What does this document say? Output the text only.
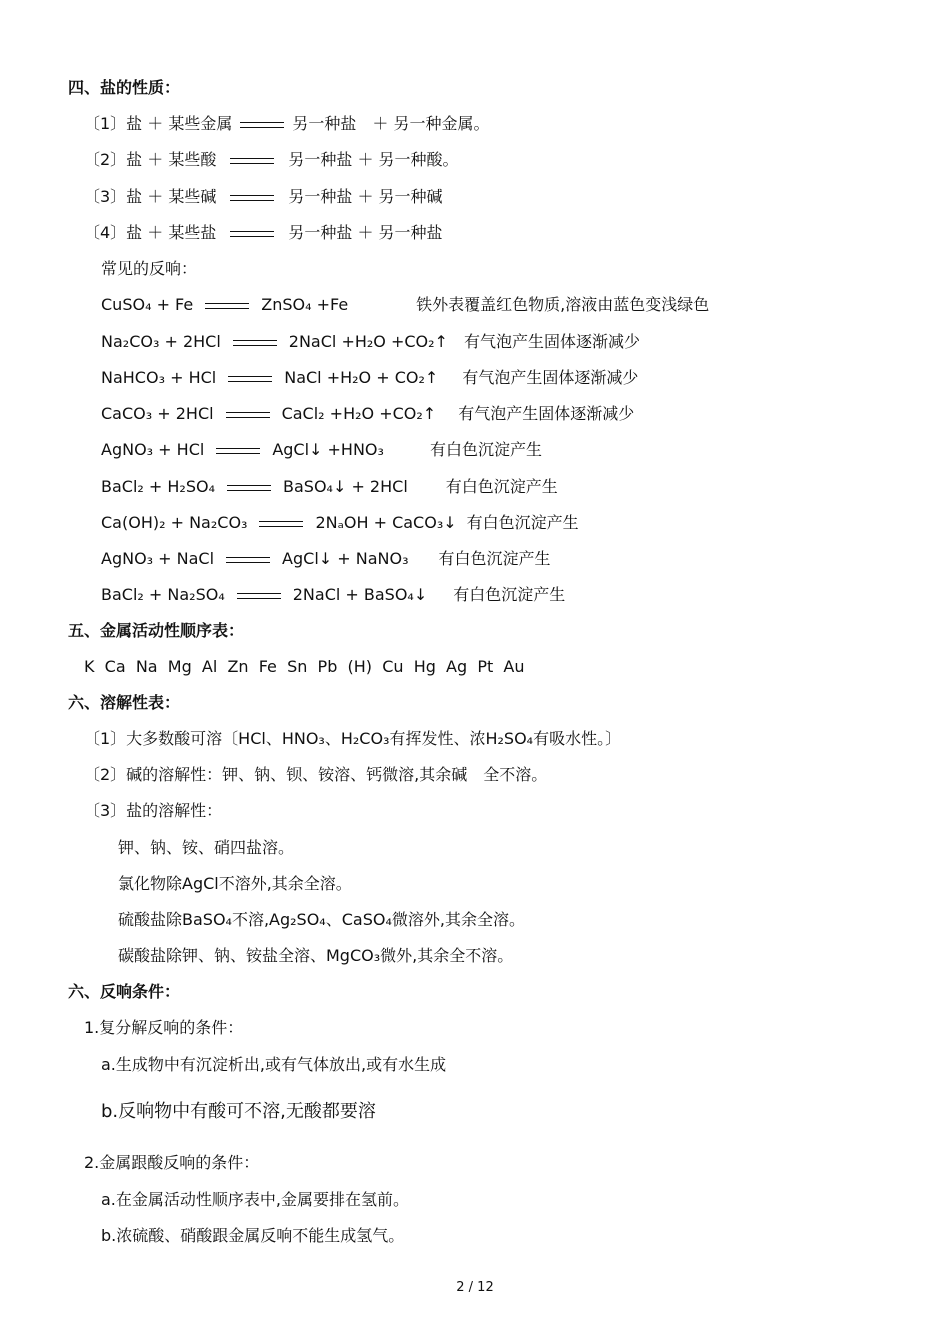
四、盐的性质：
〔1〕盐 ＋ 某些金属	另一种盐　＋ 另一种金属。
〔2〕盐 ＋ 某些酸	另一种盐 ＋ 另一种酸。
〔3〕盐 ＋ 某些碱	另一种盐 ＋ 另一种碱
〔4〕盐 ＋ 某些盐	另一种盐 ＋ 另一种盐
常见的反响：
CuSO₄ + Fe	ZnSO₄ +Fe	铁外表覆盖红色物质,溶液由蓝色变浅绿色
Na₂CO₃ + 2HCl	2NaCl +H₂O +CO₂↑ 有气泡产生固体逐渐减少
NaHCO₃ + HCl	NaCl +H₂O + CO₂↑ 有气泡产生固体逐渐减少
CaCO₃ + 2HCl	CaCl₂ +H₂O +CO₂↑ 有气泡产生固体逐渐减少
AgNO₃ + HCl	AgCl↓ +HNO₃	有白色沉淀产生
BaCl₂ + H₂SO₄	BaSO₄↓ + 2HCl 有白色沉淀产生
Ca(OH)₂ + Na₂CO₃	2NₐOH + CaCO₃↓ 有白色沉淀产生
AgNO₃ + NaCl	AgCl↓ + NaNO₃ 有白色沉淀产生
BaCl₂ + Na₂SO₄	2NaCl + BaSO₄↓ 有白色沉淀产生
五、金属活动性顺序表：
K  Ca  Na  Mg  Al  Zn  Fe  Sn  Pb  (H)  Cu  Hg  Ag  Pt  Au
六、溶解性表：
〔1〕大多数酸可溶〔HCl、HNO₃、H₂CO₃有挥发性、浓H₂SO₄有吸水性。〕
〔2〕碱的溶解性：钾、钠、钡、铵溶、钙微溶,其余碱　全不溶。
〔3〕盐的溶解性：
钾、钠、铵、硝四盐溶。
氯化物除AgCl不溶外,其余全溶。
硫酸盐除BaSO₄不溶,Ag₂SO₄、CaSO₄微溶外,其余全溶。
碳酸盐除钾、钠、铵盐全溶、MgCO₃微外,其余全不溶。
六、反响条件：
1.复分解反响的条件：
a.生成物中有沉淀析出,或有气体放出,或有水生成
b.反响物中有酸可不溶,无酸都要溶
2.金属跟酸反响的条件：
a.在金属活动性顺序表中,金属要排在氢前。
b.浓硫酸、硝酸跟金属反响不能生成氢气。
2 / 12
